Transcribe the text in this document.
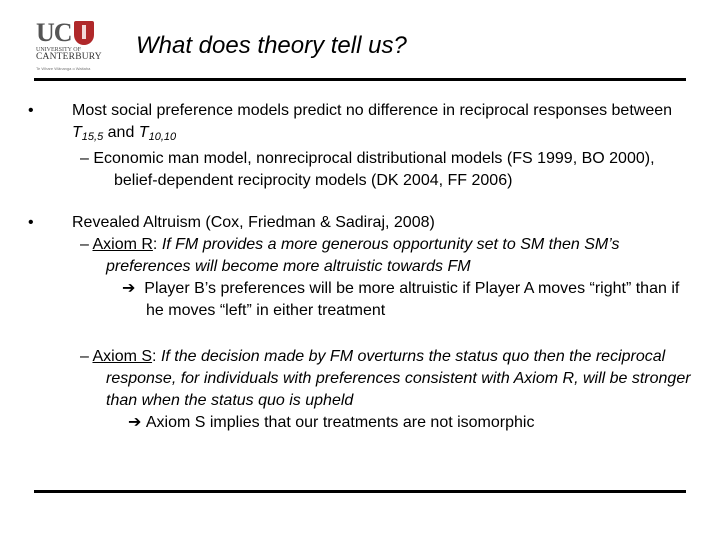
UC
UNIVERSITY OF
CANTERBURY
Te Whare Wānanga o Waitaha
What does theory tell us?
•	Most social preference models predict no difference in reciprocal responses between $T_{15,5}$ and $T_{10,10}$
– Economic man model, nonreciprocal distributional models (FS 1999, BO 2000), belief-dependent reciprocity models (DK 2004, FF 2006)
•	Revealed Altruism (Cox, Friedman & Sadiraj, 2008)
– Axiom R: If FM provides a more generous opportunity set to SM then SM’s preferences will become more altruistic towards FM
➔ Player B’s preferences will be more altruistic if Player A moves “right” than if he moves “left” in either treatment
– Axiom S: If the decision made by FM overturns the status quo then the reciprocal response, for individuals with preferences consistent with Axiom R, will be stronger than when the status quo is upheld
➔ Axiom S implies that our treatments are not isomorphic
